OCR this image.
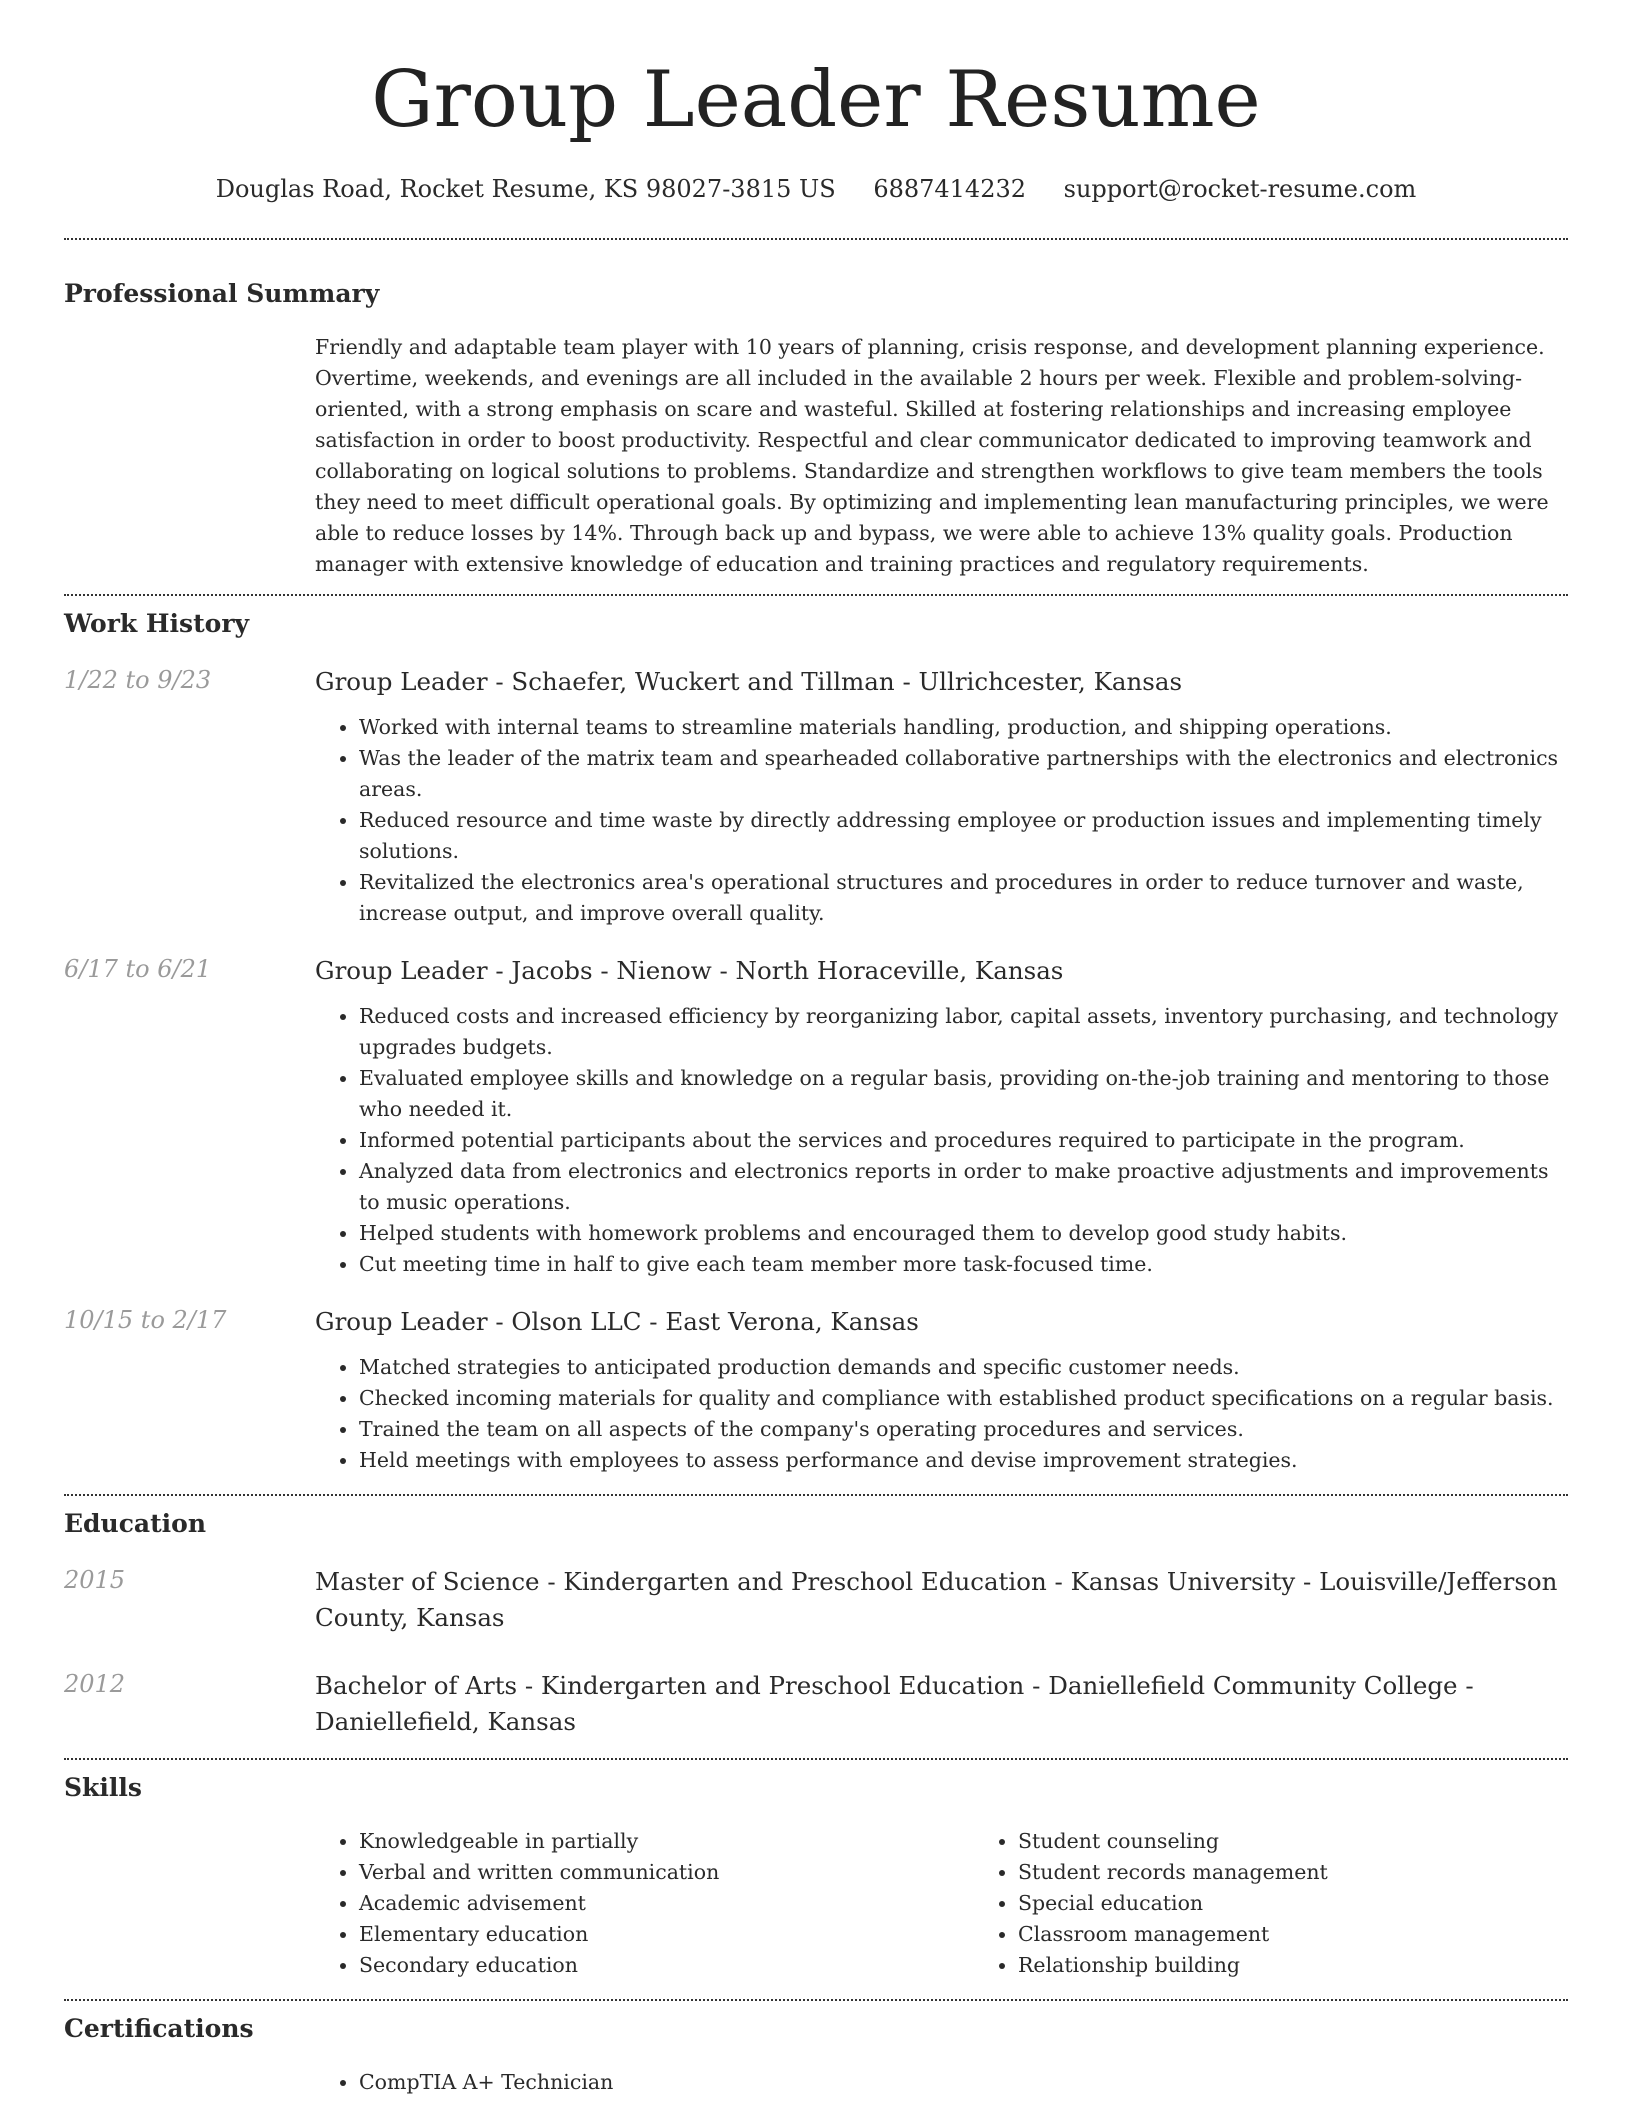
Group Leader Resume
Douglas Road, Rocket Resume, KS 98027-3815 US 6887414232 support@rocket-resume.com
Professional Summary

Friendly and adaptable team player with 10 years of planning, crisis response, and development planning experience. Overtime, weekends, and evenings are all included in the available 2 hours per week. Flexible and problem-solving-oriented, with a strong emphasis on scare and wasteful. Skilled at fostering relationships and increasing employee satisfaction in order to boost productivity. Respectful and clear communicator dedicated to improving teamwork and collaborating on logical solutions to problems. Standardize and strengthen workflows to give team members the tools they need to meet difficult operational goals. By optimizing and implementing lean manufacturing principles, we were able to reduce losses by 14%. Through back up and bypass, we were able to achieve 13% quality goals. Production manager with extensive knowledge of education and training practices and regulatory requirements.

Work History
1/22 to 9/23	Group Leader - Schaefer, Wuckert and Tillman - Ullrichcester, Kansas

• Worked with internal teams to streamline materials handling, production, and shipping operations.
• Was the leader of the matrix team and spearheaded collaborative partnerships with the electronics and electronics areas.
• Reduced resource and time waste by directly addressing employee or production issues and implementing timely solutions.
• Revitalized the electronics area's operational structures and procedures in order to reduce turnover and waste, increase output, and improve overall quality.
6/17 to 6/21	Group Leader - Jacobs - Nienow - North Horaceville, Kansas

• Reduced costs and increased efficiency by reorganizing labor, capital assets, inventory purchasing, and technology upgrades budgets.
• Evaluated employee skills and knowledge on a regular basis, providing on-the-job training and mentoring to those who needed it.
• Informed potential participants about the services and procedures required to participate in the program.
• Analyzed data from electronics and electronics reports in order to make proactive adjustments and improvements to music operations.
• Helped students with homework problems and encouraged them to develop good study habits.
• Cut meeting time in half to give each team member more task-focused time.
10/15 to 2/17	Group Leader - Olson LLC - East Verona, Kansas

• Matched strategies to anticipated production demands and specific customer needs.
• Checked incoming materials for quality and compliance with established product specifications on a regular basis.
• Trained the team on all aspects of the company's operating procedures and services.
• Held meetings with employees to assess performance and devise improvement strategies.
Education
2015	Master of Science - Kindergarten and Preschool Education - Kansas University - Louisville/Jefferson County, Kansas

2012	Bachelor of Arts - Kindergarten and Preschool Education - Daniellefield Community College - Daniellefield, Kansas

Skills
• Knowledgeable in partially
• Verbal and written communication
• Academic advisement
• Elementary education
• Secondary education
• Student counseling
• Student records management
• Special education
• Classroom management
• Relationship building
Certifications
• CompTIA A+ Technician
